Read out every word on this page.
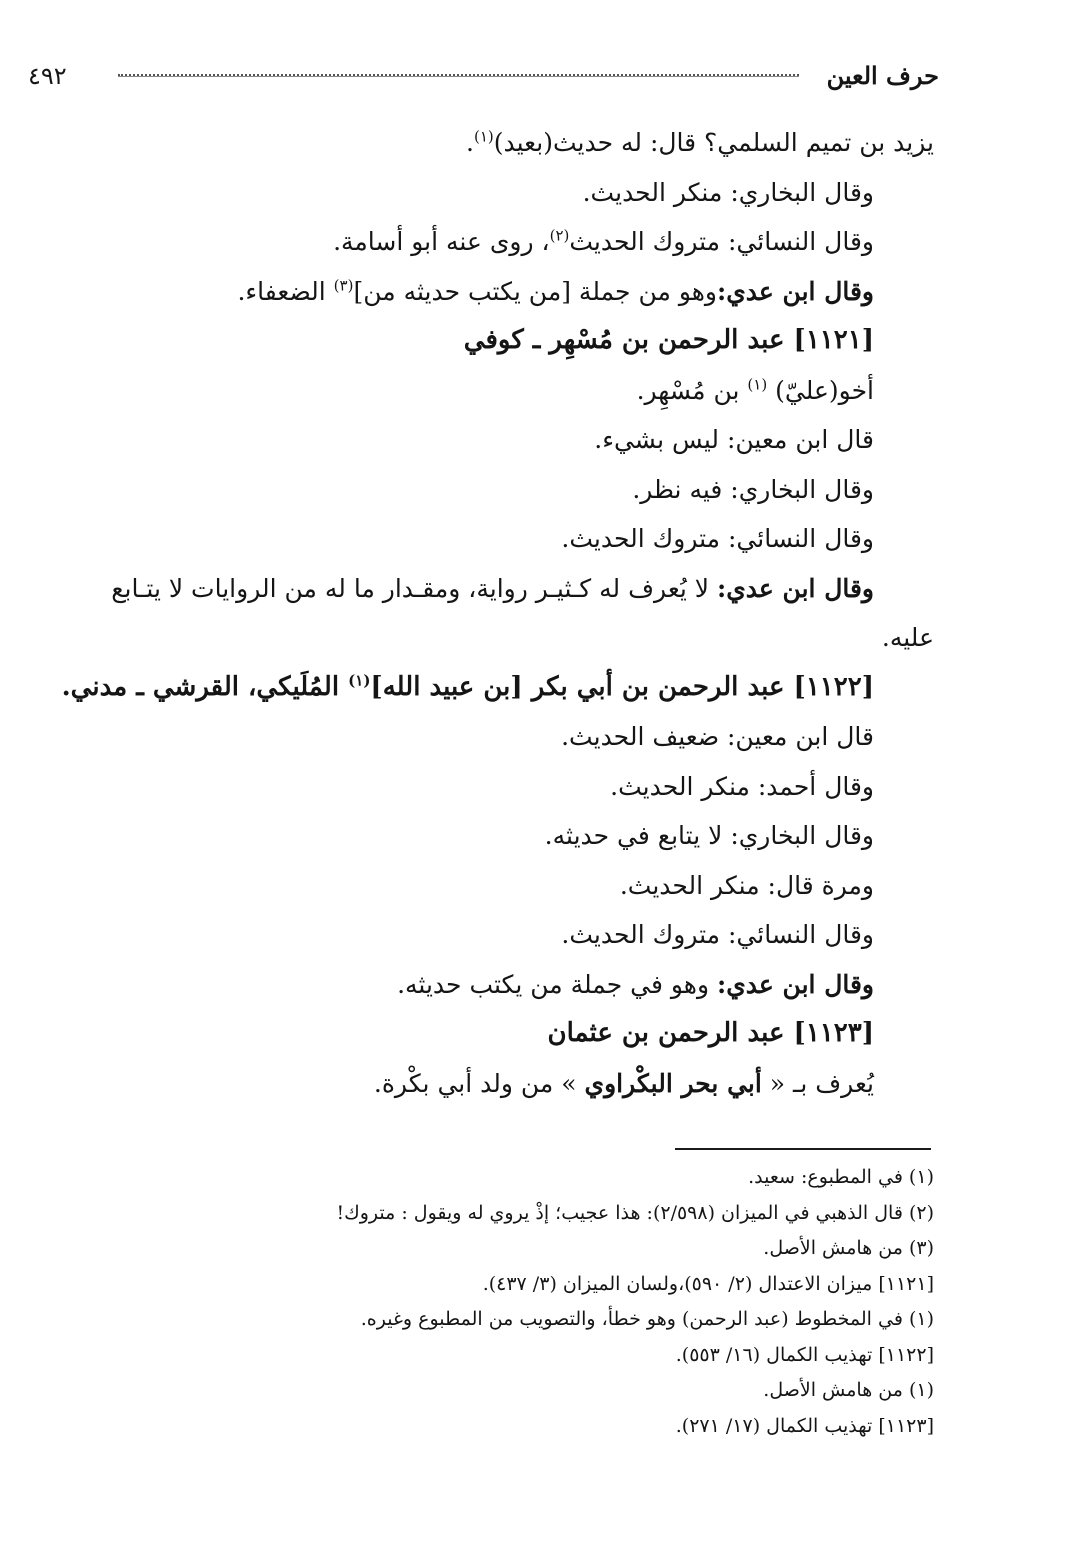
حرف العين
٤٩٢
يزيد بن تميم السلمي؟ قال: له حديث(بعيد)$^{(١)}$.
وقال البخاري: منكر الحديث.
وقال النسائي: متروك الحديث$^{(٢)}$، روى عنه أبو أسامة.
وقال ابن عدي:وهو من جملة [من يكتب حديثه من]$^{(٣)}$ الضعفاء.
[١١٢١] عبد الرحمن بن مُسْهِر ـ كوفي
أخو(عليّ) $^{(١)}$ بن مُسْهِر.
قال ابن معين: ليس بشيء.
وقال البخاري: فيه نظر.
وقال النسائي: متروك الحديث.
وقال ابن عدي: لا يُعرف له كـثيـر رواية، ومقـدار ما له من الروايات لا يتـابع
عليه.
[١١٢٢] عبد الرحمن بن أبي بكر [بن عبيد الله]$^{(١)}$ المُلَيكي، القرشي ـ مدني.
قال ابن معين: ضعيف الحديث.
وقال أحمد: منكر الحديث.
وقال البخاري: لا يتابع في حديثه.
ومرة قال: منكر الحديث.
وقال النسائي: متروك الحديث.
وقال ابن عدي: وهو في جملة من يكتب حديثه.
[١١٢٣] عبد الرحمن بن عثمان
يُعرف بـ « أبي بحر البكْراوي » من ولد أبي بكْرة.
(١) في المطبوع: سعيد.
(٢) قال الذهبي في الميزان (٢/٥٩٨): هذا عجيب؛ إذْ يروي له ويقول : متروك!
(٣) من هامش الأصل.
[١١٢١] ميزان الاعتدال (٢/ ٥٩٠)،ولسان الميزان (٣/ ٤٣٧).
(١) في المخطوط (عبد الرحمن) وهو خطأ، والتصويب من المطبوع وغيره.
[١١٢٢] تهذيب الكمال (١٦/ ٥٥٣).
(١) من هامش الأصل.
[١١٢٣] تهذيب الكمال (١٧/ ٢٧١).
